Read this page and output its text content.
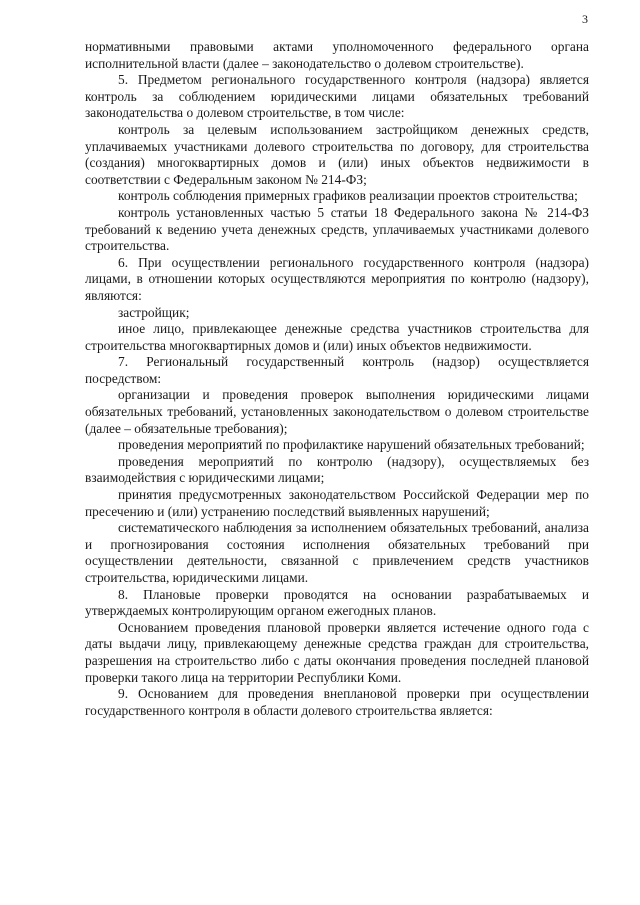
3

нормативными правовыми актами уполномоченного федерального органа исполнительной власти (далее – законодательство о долевом строительстве).

5. Предметом регионального государственного контроля (надзора) является контроль за соблюдением юридическими лицами обязательных требований законодательства о долевом строительстве, в том числе:

контроль за целевым использованием застройщиком денежных средств, уплачиваемых участниками долевого строительства по договору, для строительства (создания) многоквартирных домов и (или) иных объектов недвижимости в соответствии с Федеральным законом № 214-ФЗ;

контроль соблюдения примерных графиков реализации проектов строительства;

контроль установленных частью 5 статьи 18 Федерального закона № 214-ФЗ требований к ведению учета денежных средств, уплачиваемых участниками долевого строительства.

6. При осуществлении регионального государственного контроля (надзора) лицами, в отношении которых осуществляются мероприятия по контролю (надзору), являются:

застройщик;

иное лицо, привлекающее денежные средства участников строительства для строительства многоквартирных домов и (или) иных объектов недвижимости.

7. Региональный государственный контроль (надзор) осуществляется посредством:

организации и проведения проверок выполнения юридическими лицами обязательных требований, установленных законодательством о долевом строительстве (далее – обязательные требования);

проведения мероприятий по профилактике нарушений обязательных требований;

проведения мероприятий по контролю (надзору), осуществляемых без взаимодействия с юридическими лицами;

принятия предусмотренных законодательством Российской Федерации мер по пресечению и (или) устранению последствий выявленных нарушений;

систематического наблюдения за исполнением обязательных требований, анализа и прогнозирования состояния исполнения обязательных требований при осуществлении деятельности, связанной с привлечением средств участников строительства, юридическими лицами.

8. Плановые проверки проводятся на основании разрабатываемых и утверждаемых контролирующим органом ежегодных планов.

Основанием проведения плановой проверки является истечение одного года с даты выдачи лицу, привлекающему денежные средства граждан для строительства, разрешения на строительство либо с даты окончания проведения последней плановой проверки такого лица на территории Республики Коми.

9. Основанием для проведения внеплановой проверки при осуществлении государственного контроля в области долевого строительства является:
